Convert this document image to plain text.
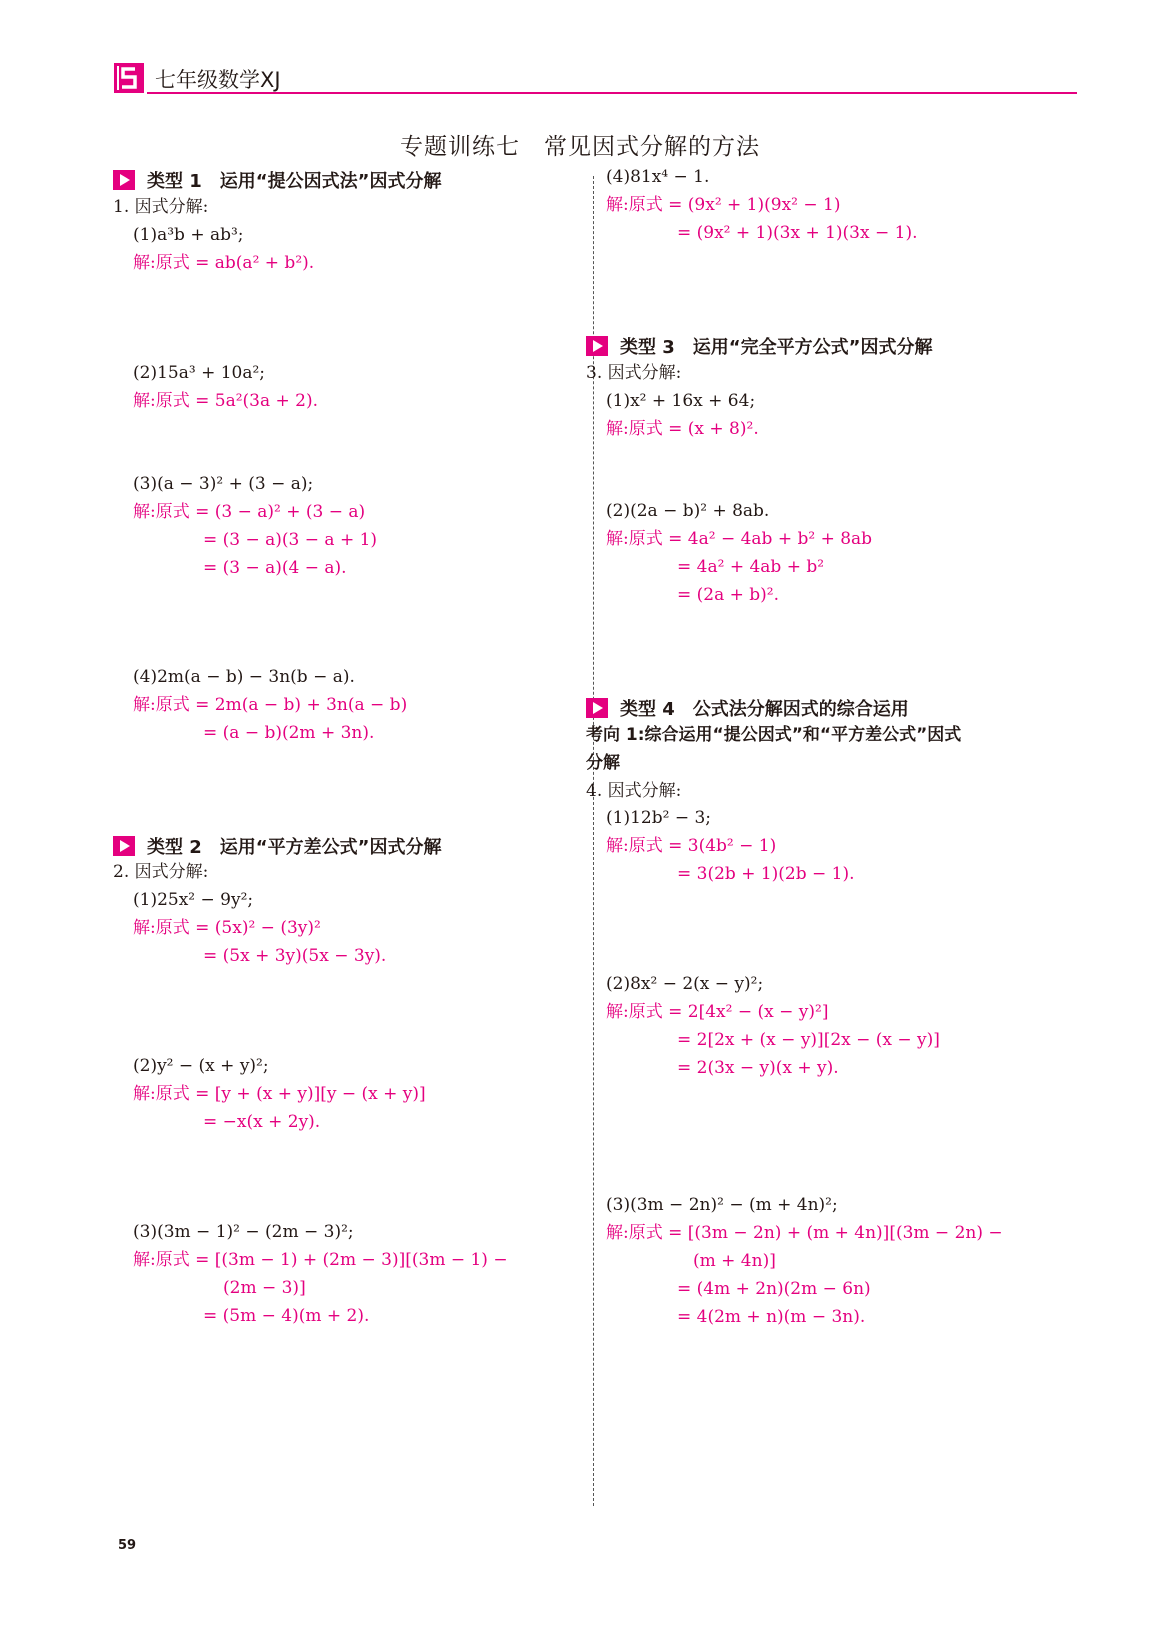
七年级数学XJ
专题训练七　常见因式分解的方法
类型 1　运用“提公因式法”因式分解
1. 因式分解:
(1)a³b + ab³;
解:原式 = ab(a² + b²).
(2)15a³ + 10a²;
解:原式 = 5a²(3a + 2).
(3)(a − 3)² + (3 − a);
解:原式 = (3 − a)² + (3 − a)
= (3 − a)(3 − a + 1)
= (3 − a)(4 − a).
(4)2m(a − b) − 3n(b − a).
解:原式 = 2m(a − b) + 3n(a − b)
= (a − b)(2m + 3n).
类型 2　运用“平方差公式”因式分解
2. 因式分解:
(1)25x² − 9y²;
解:原式 = (5x)² − (3y)²
= (5x + 3y)(5x − 3y).
(2)y² − (x + y)²;
解:原式 = [y + (x + y)][y − (x + y)]
= −x(x + 2y).
(3)(3m − 1)² − (2m − 3)²;
解:原式 = [(3m − 1) + (2m − 3)][(3m − 1) −
(2m − 3)]
= (5m − 4)(m + 2).
(4)81x⁴ − 1.
解:原式 = (9x² + 1)(9x² − 1)
= (9x² + 1)(3x + 1)(3x − 1).
类型 3　运用“完全平方公式”因式分解
3. 因式分解:
(1)x² + 16x + 64;
解:原式 = (x + 8)².
(2)(2a − b)² + 8ab.
解:原式 = 4a² − 4ab + b² + 8ab
= 4a² + 4ab + b²
= (2a + b)².
类型 4　公式法分解因式的综合运用
考向 1:综合运用“提公因式”和“平方差公式”因式
分解
4. 因式分解:
(1)12b² − 3;
解:原式 = 3(4b² − 1)
= 3(2b + 1)(2b − 1).
(2)8x² − 2(x − y)²;
解:原式 = 2[4x² − (x − y)²]
= 2[2x + (x − y)][2x − (x − y)]
= 2(3x − y)(x + y).
(3)(3m − 2n)² − (m + 4n)²;
解:原式 = [(3m − 2n) + (m + 4n)][(3m − 2n) −
(m + 4n)]
= (4m + 2n)(2m − 6n)
= 4(2m + n)(m − 3n).
59
